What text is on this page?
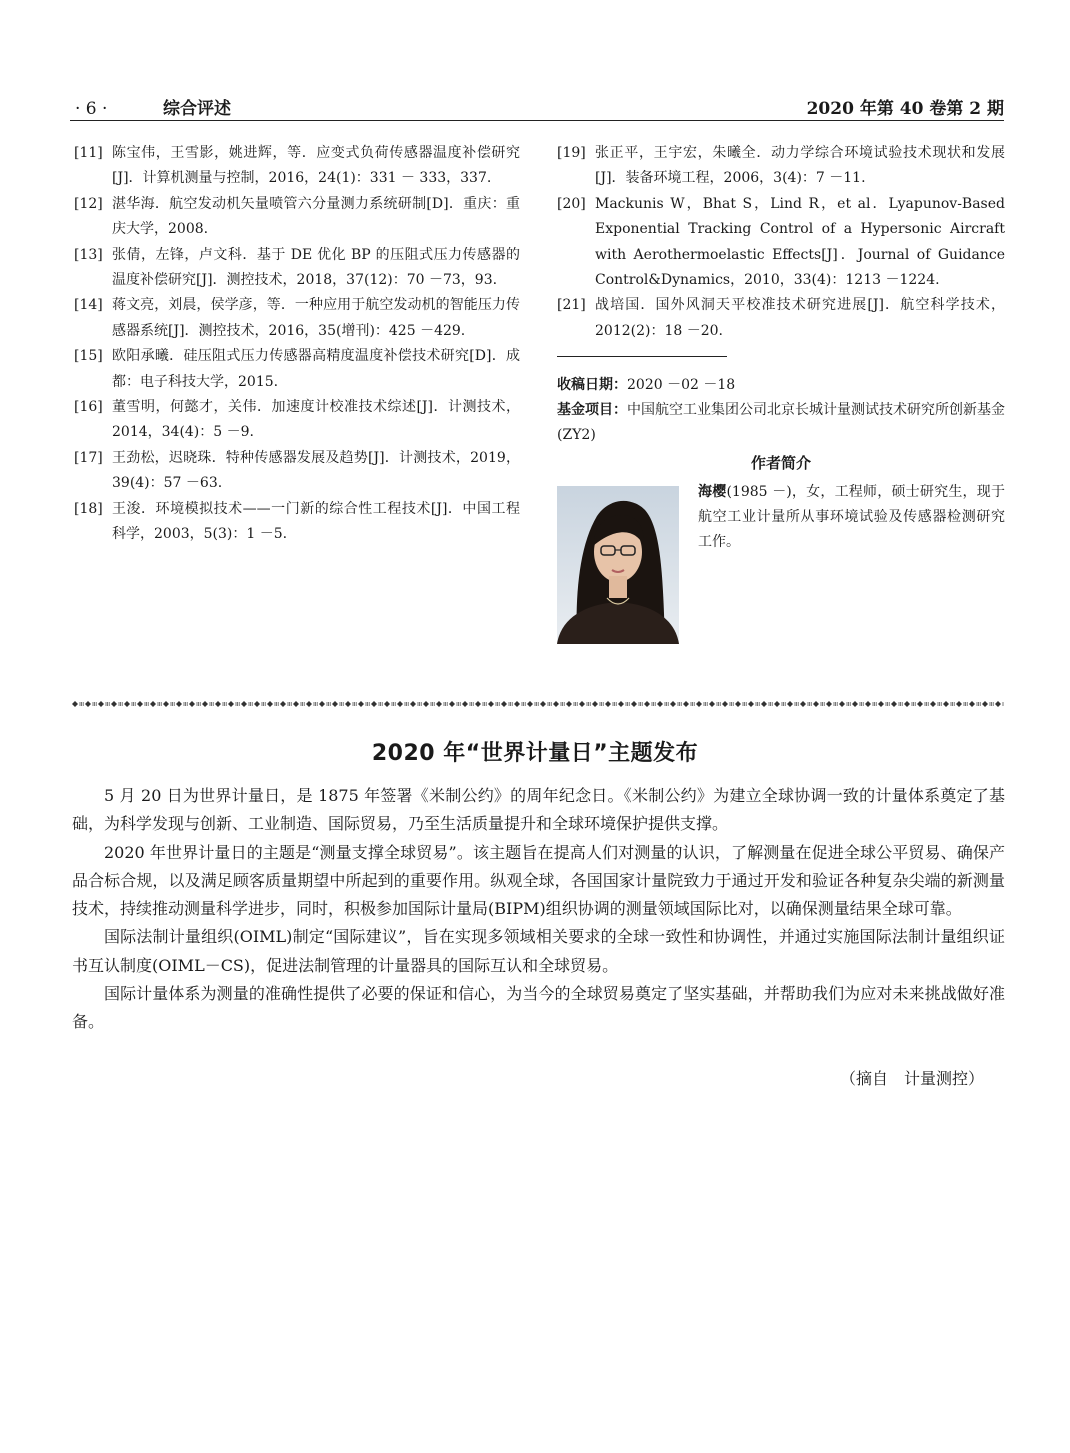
· 6 ·	综合评述	2020 年第 40 卷第 2 期
[11] 陈宝伟，王雪影，姚进辉，等．应变式负荷传感器温度补偿研究[J]．计算机测量与控制，2016，24(1)：331 － 333，337.
[12] 湛华海．航空发动机矢量喷管六分量测力系统研制[D]．重庆：重庆大学，2008.
[13] 张倩，左锋，卢文科．基于 DE 优化 BP 的压阻式压力传感器的温度补偿研究[J]．测控技术，2018，37(12)：70 －73，93.
[14] 蒋文亮，刘晨，侯学彦，等．一种应用于航空发动机的智能压力传感器系统[J]．测控技术，2016，35(增刊)：425 －429.
[15] 欧阳承曦．硅压阻式压力传感器高精度温度补偿技术研究[D]．成都：电子科技大学，2015.
[16] 董雪明，何懿才，关伟．加速度计校准技术综述[J]．计测技术，2014，34(4)：5 －9.
[17] 王劲松，迟晓珠．特种传感器发展及趋势[J]．计测技术，2019，39(4)：57 －63.
[18] 王浚．环境模拟技术——一门新的综合性工程技术[J]．中国工程科学，2003，5(3)：1 －5.
[19] 张正平，王宇宏，朱曦全．动力学综合环境试验技术现状和发展[J]．装备环境工程，2006，3(4)：7 －11.
[20] Mackunis W，Bhat S，Lind R，et al．Lyapunov-Based Exponential Tracking Control of a Hypersonic Aircraft with Aerothermoelastic Effects[J]．Journal of Guidance Control&Dynamics，2010，33(4)：1213 －1224.
[21] 战培国．国外风洞天平校准技术研究进展[J]．航空科学技术，2012(2)：18 －20.
收稿日期：2020 －02 －18
基金项目：中国航空工业集团公司北京长城计量测试技术研究所创新基金(ZY2)
作者简介
海樱(1985 －)，女，工程师，硕士研究生，现于航空工业计量所从事环境试验及传感器检测研究工作。
2020 年“世界计量日”主题发布

5 月 20 日为世界计量日，是 1875 年签署《米制公约》的周年纪念日。《米制公约》为建立全球协调一致的计量体系奠定了基础，为科学发现与创新、工业制造、国际贸易，乃至生活质量提升和全球环境保护提供支撑。

2020 年世界计量日的主题是“测量支撑全球贸易”。该主题旨在提高人们对测量的认识，了解测量在促进全球公平贸易、确保产品合标合规，以及满足顾客质量期望中所起到的重要作用。纵观全球，各国国家计量院致力于通过开发和验证各种复杂尖端的新测量技术，持续推动测量科学进步，同时，积极参加国际计量局(BIPM)组织协调的测量领域国际比对，以确保测量结果全球可靠。

国际法制计量组织(OIML)制定“国际建议”，旨在实现多领域相关要求的全球一致性和协调性，并通过实施国际法制计量组织证书互认制度(OIML－CS)，促进法制管理的计量器具的国际互认和全球贸易。

国际计量体系为测量的准确性提供了必要的保证和信心，为当今的全球贸易奠定了坚实基础，并帮助我们为应对未来挑战做好准备。

（摘自　计量测控）
